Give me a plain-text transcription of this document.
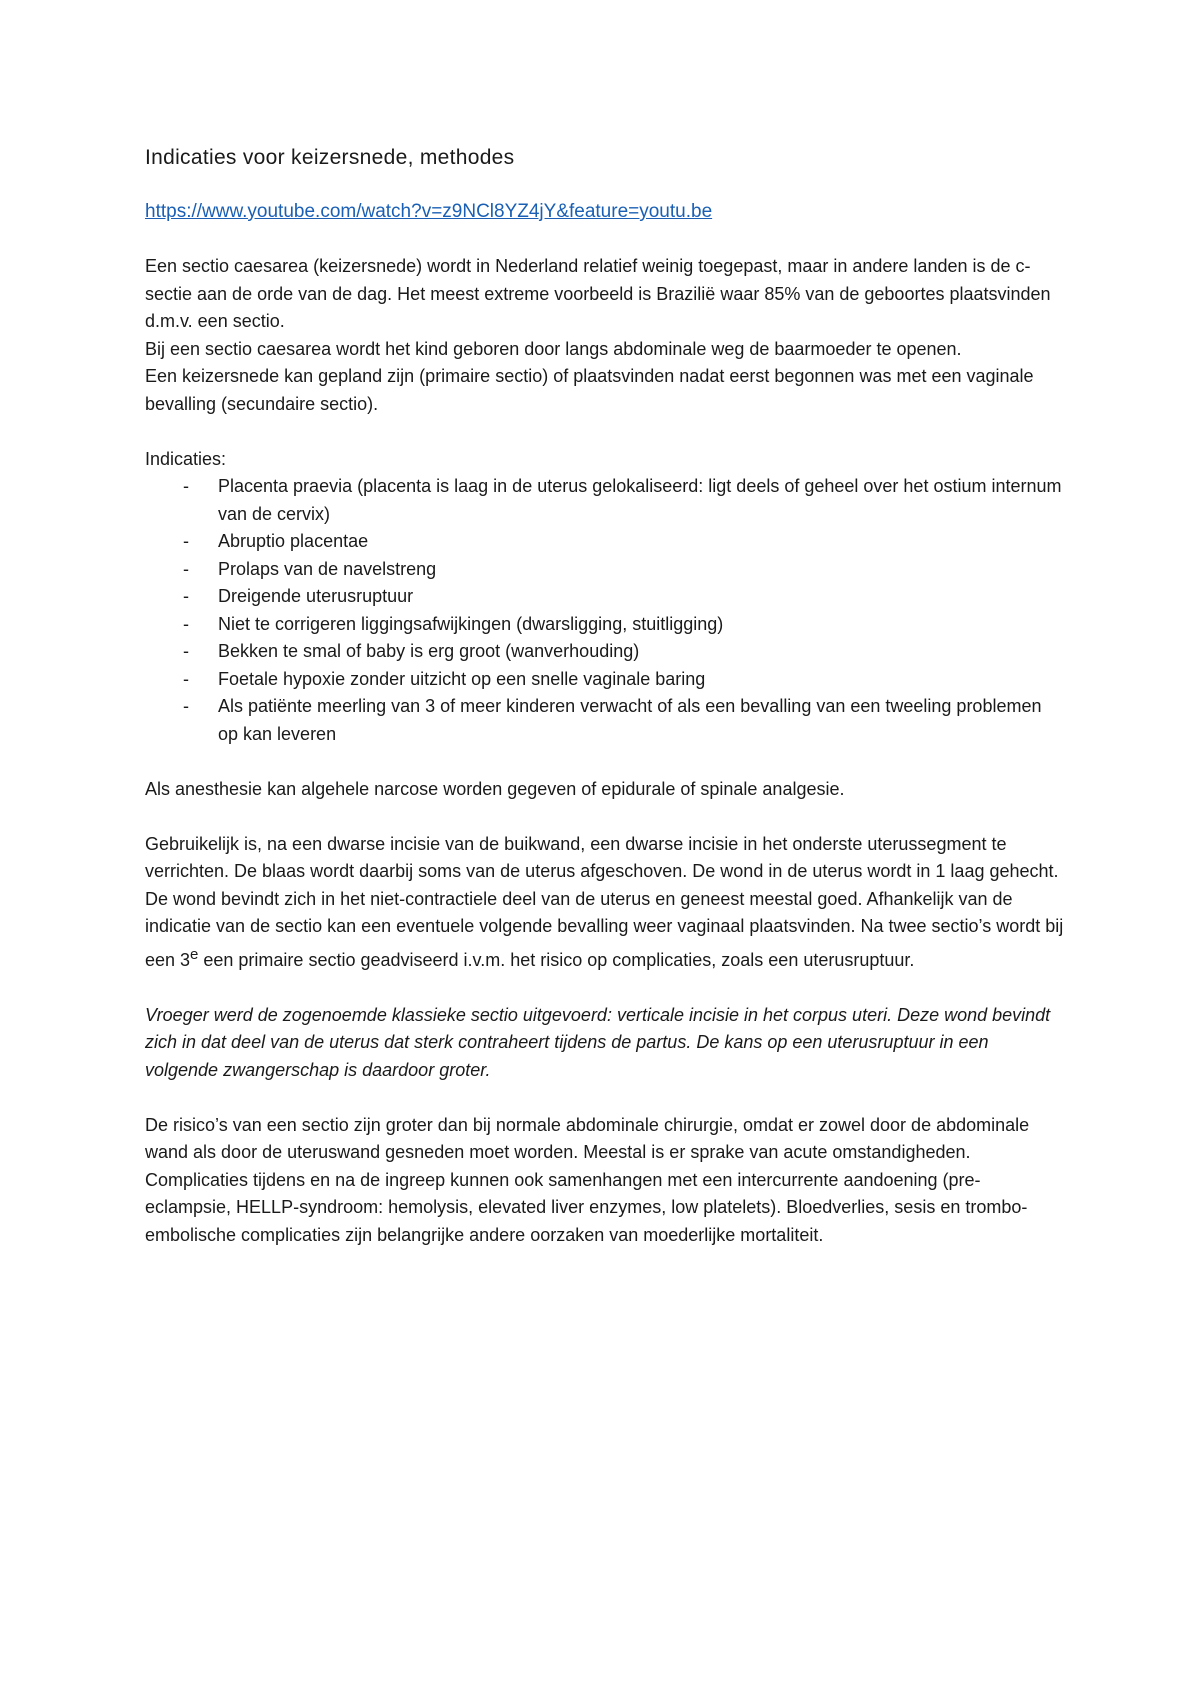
Indicaties voor keizersnede, methodes
https://www.youtube.com/watch?v=z9NCl8YZ4jY&feature=youtu.be

Een sectio caesarea (keizersnede) wordt in Nederland relatief weinig toegepast, maar in andere landen is de c-sectie aan de orde van de dag. Het meest extreme voorbeeld is Brazilië waar 85% van de geboortes plaatsvinden d.m.v. een sectio.

Bij een sectio caesarea wordt het kind geboren door langs abdominale weg de baarmoeder te openen.

Een keizersnede kan gepland zijn (primaire sectio) of plaatsvinden nadat eerst begonnen was met een vaginale bevalling (secundaire sectio).

Indicaties:

- Placenta praevia (placenta is laag in de uterus gelokaliseerd: ligt deels of geheel over het ostium internum van de cervix)
- Abruptio placentae
- Prolaps van de navelstreng
- Dreigende uterusruptuur
- Niet te corrigeren liggingsafwijkingen (dwarsligging, stuitligging)
- Bekken te smal of baby is erg groot (wanverhouding)
- Foetale hypoxie zonder uitzicht op een snelle vaginale baring
- Als patiënte meerling van 3 of meer kinderen verwacht of als een bevalling van een tweeling problemen op kan leveren

Als anesthesie kan algehele narcose worden gegeven of epidurale of spinale analgesie.

Gebruikelijk is, na een dwarse incisie van de buikwand, een dwarse incisie in het onderste uterussegment te verrichten. De blaas wordt daarbij soms van de uterus afgeschoven. De wond in de uterus wordt in 1 laag gehecht. De wond bevindt zich in het niet-contractiele deel van de uterus en geneest meestal goed. Afhankelijk van de indicatie van de sectio kan een eventuele volgende bevalling weer vaginaal plaatsvinden. Na twee sectio’s wordt bij een 3e een primaire sectio geadviseerd i.v.m. het risico op complicaties, zoals een uterusruptuur.

Vroeger werd de zogenoemde klassieke sectio uitgevoerd: verticale incisie in het corpus uteri. Deze wond bevindt zich in dat deel van de uterus dat sterk contraheert tijdens de partus. De kans op een uterusruptuur in een volgende zwangerschap is daardoor groter.

De risico’s van een sectio zijn groter dan bij normale abdominale chirurgie, omdat er zowel door de abdominale wand als door de uteruswand gesneden moet worden. Meestal is er sprake van acute omstandigheden.

Complicaties tijdens en na de ingreep kunnen ook samenhangen met een intercurrente aandoening (pre-eclampsie, HELLP-syndroom: hemolysis, elevated liver enzymes, low platelets). Bloedverlies, sesis en trombo-embolische complicaties zijn belangrijke andere oorzaken van moederlijke mortaliteit.
